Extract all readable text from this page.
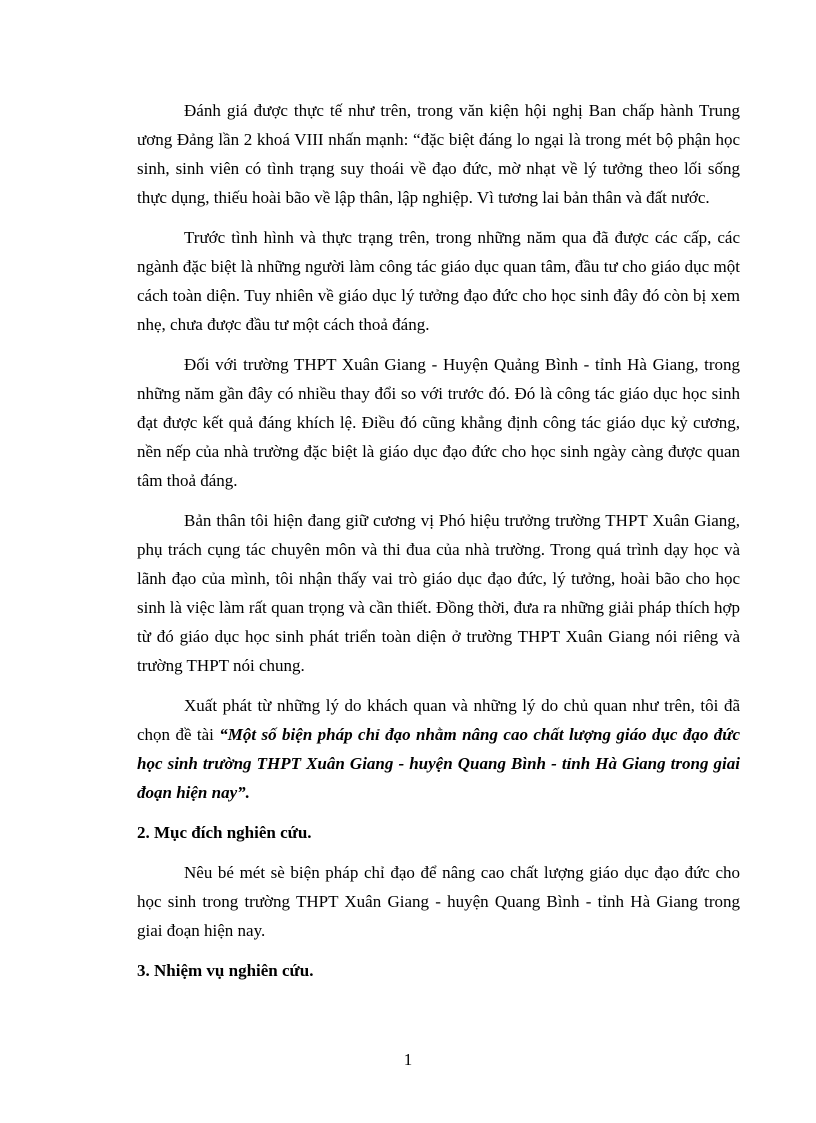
Đánh giá được thực tế như trên, trong văn kiện hội nghị Ban chấp hành Trung ương Đảng lần 2 khoá VIII nhấn mạnh: “đặc biệt đáng lo ngại là trong mét bộ phận học sinh, sinh viên có tình trạng suy thoái về đạo đức, mờ nhạt về lý tưởng theo lối sống thực dụng, thiếu hoài bão về lập thân, lập nghiệp. Vì tương lai bản thân và đất nước.

Trước tình hình và thực trạng trên, trong những năm qua đã được các cấp, các ngành đặc biệt là những người làm công tác giáo dục quan tâm, đầu tư cho giáo dục một cách toàn diện. Tuy nhiên về giáo dục lý tưởng đạo đức cho học sinh đây đó còn bị xem nhẹ, chưa được đầu tư một cách thoả đáng.

Đối với trường THPT Xuân Giang - Huyện Quảng Bình - tỉnh Hà Giang, trong những năm gần đây có nhiều thay đổi so với trước đó. Đó là công tác giáo dục học sinh đạt được kết quả đáng khích lệ. Điều đó cũng khẳng định công tác giáo dục kỷ cương, nền nếp của nhà trường đặc biệt là giáo dục đạo đức cho học sinh ngày càng được quan tâm thoả đáng.

Bản thân tôi hiện đang giữ cương vị Phó hiệu trưởng trường THPT Xuân Giang, phụ trách cụng tác chuyên môn và thi đua của nhà trường. Trong quá trình dạy học và lãnh đạo của mình, tôi nhận thấy vai trò giáo dục đạo đức, lý tưởng, hoài bão cho học sinh là việc làm rất quan trọng và cần thiết. Đồng thời, đưa ra những giải pháp thích hợp từ đó giáo dục học sinh phát triển toàn diện ở trường THPT Xuân Giang nói riêng và trường THPT nói chung.

Xuất phát từ những lý do khách quan và những lý do chủ quan như trên, tôi đã chọn đề tài “Một số biện pháp chỉ đạo nhằm nâng cao chất lượng giáo dục đạo đức học sinh trường THPT Xuân Giang - huyện Quang Bình - tỉnh Hà Giang trong giai đoạn hiện nay”.

2. Mục đích nghiên cứu.

Nêu bé mét sè biện pháp chỉ đạo để nâng cao chất lượng giáo dục đạo đức cho học sinh trong trường THPT Xuân Giang - huyện Quang Bình - tỉnh Hà Giang trong giai đoạn hiện nay.

3. Nhiệm vụ nghiên cứu.
1
